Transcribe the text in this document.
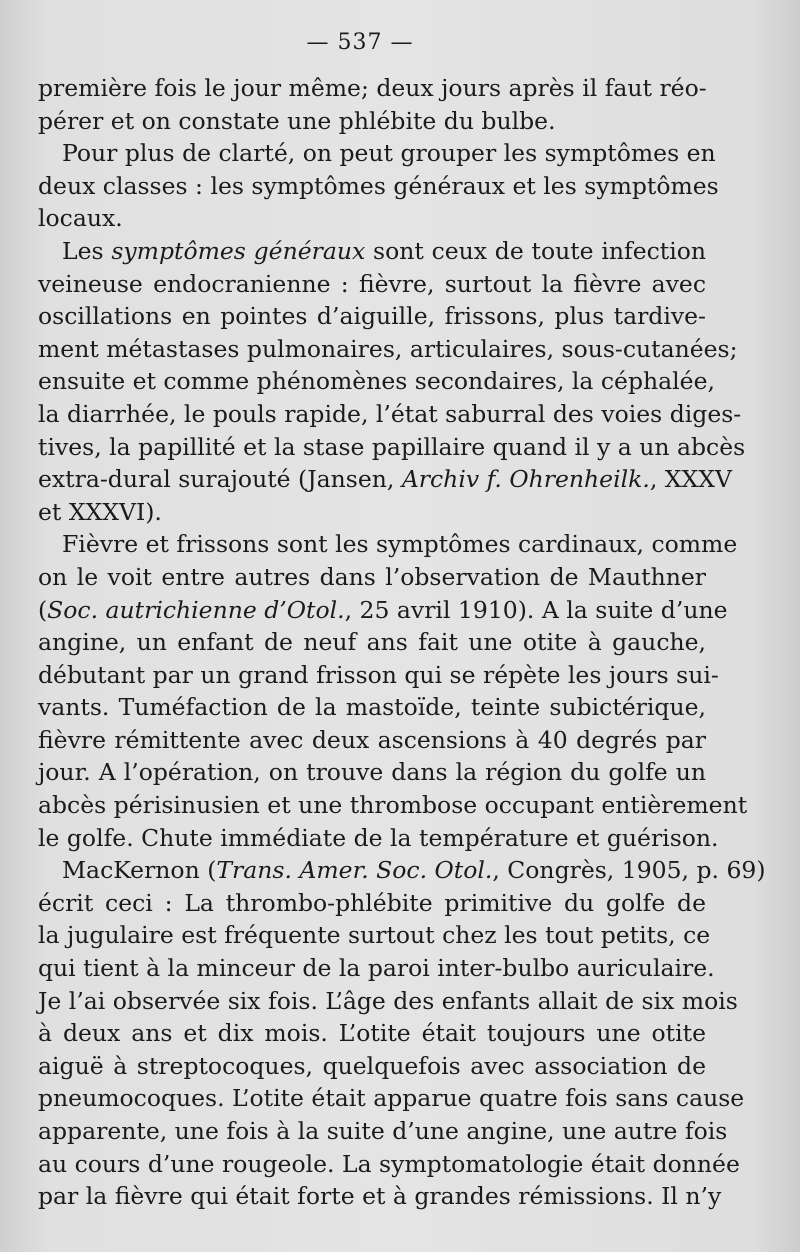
— 537 —
première fois le jour même; deux jours après il faut réo-
pérer et on constate une phlébite du bulbe.
Pour plus de clarté, on peut grouper les symptômes en
deux classes : les symptômes généraux et les symptômes
locaux.
Les symptômes généraux sont ceux de toute infection
veineuse endocranienne : fièvre, surtout la fièvre avec
oscillations en pointes d’aiguille, frissons, plus tardive-
ment métastases pulmonaires, articulaires, sous-cutanées;
ensuite et comme phénomènes secondaires, la céphalée,
la diarrhée, le pouls rapide, l’état saburral des voies diges-
tives, la papillité et la stase papillaire quand il y a un abcès
extra-dural surajouté (Jansen, Archiv f. Ohrenheilk., XXXV
et XXXVI).
Fièvre et frissons sont les symptômes cardinaux, comme
on le voit entre autres dans l’observation de Mauthner
(Soc. autrichienne d’Otol., 25 avril 1910). A la suite d’une
angine, un enfant de neuf ans fait une otite à gauche,
débutant par un grand frisson qui se répète les jours sui-
vants. Tuméfaction de la mastoïde, teinte subictérique,
fièvre rémittente avec deux ascensions à 40 degrés par
jour. A l’opération, on trouve dans la région du golfe un
abcès périsinusien et une thrombose occupant entièrement
le golfe. Chute immédiate de la température et guérison.
MacKernon (Trans. Amer. Soc. Otol., Congrès, 1905, p. 69)
écrit ceci : La thrombo-phlébite primitive du golfe de
la jugulaire est fréquente surtout chez les tout petits, ce
qui tient à la minceur de la paroi inter-bulbo auriculaire.
Je l’ai observée six fois. L’âge des enfants allait de six mois
à deux ans et dix mois. L’otite était toujours une otite
aiguë à streptocoques, quelquefois avec association de
pneumocoques. L’otite était apparue quatre fois sans cause
apparente, une fois à la suite d’une angine, une autre fois
au cours d’une rougeole. La symptomatologie était donnée
par la fièvre qui était forte et à grandes rémissions. Il n’y
